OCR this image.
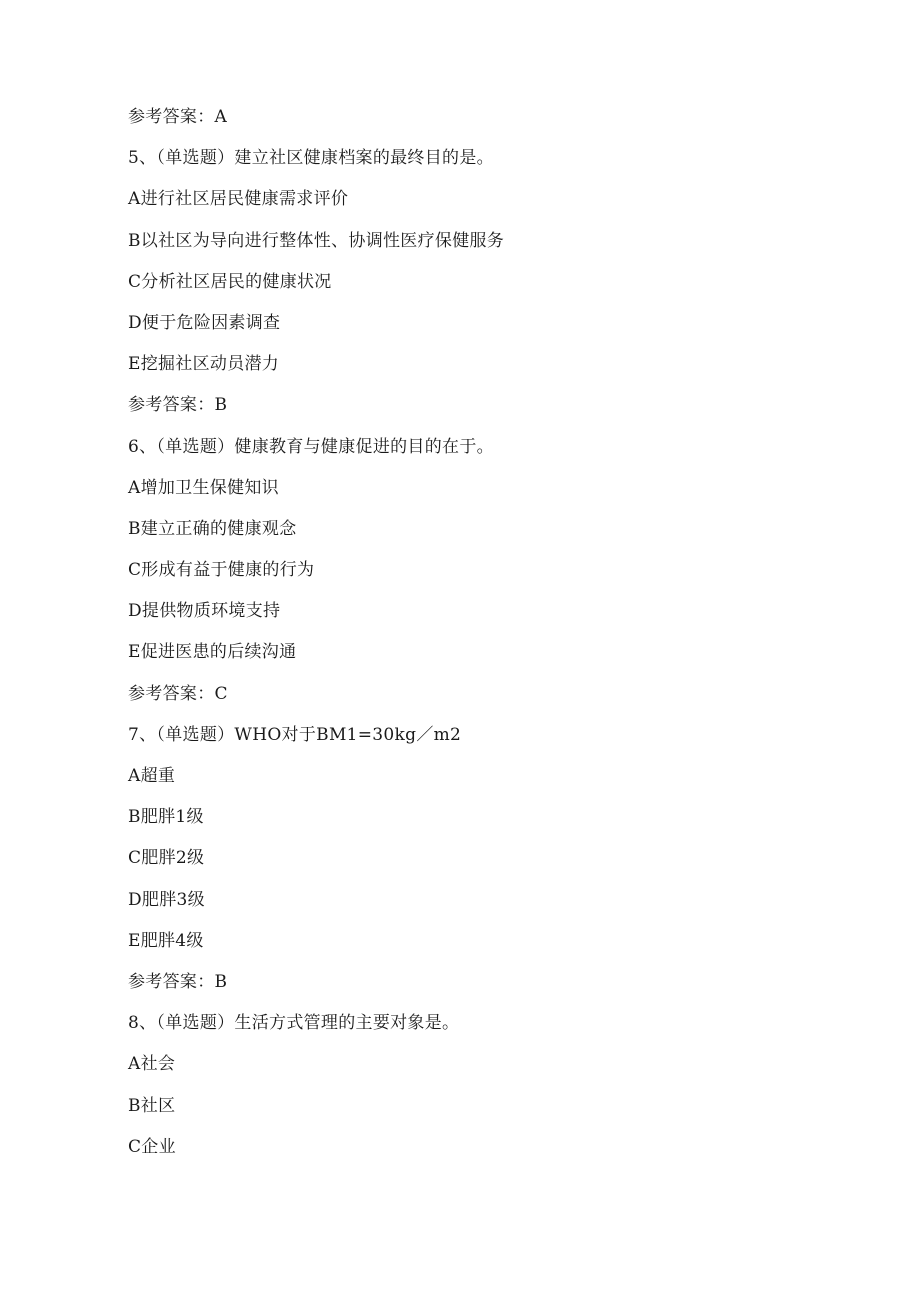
参考答案：A
5、（单选题）建立社区健康档案的最终目的是。
A进行社区居民健康需求评价
B以社区为导向进行整体性、协调性医疗保健服务
C分析社区居民的健康状况
D便于危险因素调查
E挖掘社区动员潜力
参考答案：B
6、（单选题）健康教育与健康促进的目的在于。
A增加卫生保健知识
B建立正确的健康观念
C形成有益于健康的行为
D提供物质环境支持
E促进医患的后续沟通
参考答案：C
7、（单选题）WHO对于BM1=30kg／m2
A超重
B肥胖1级
C肥胖2级
D肥胖3级
E肥胖4级
参考答案：B
8、（单选题）生活方式管理的主要对象是。
A社会
B社区
C企业
